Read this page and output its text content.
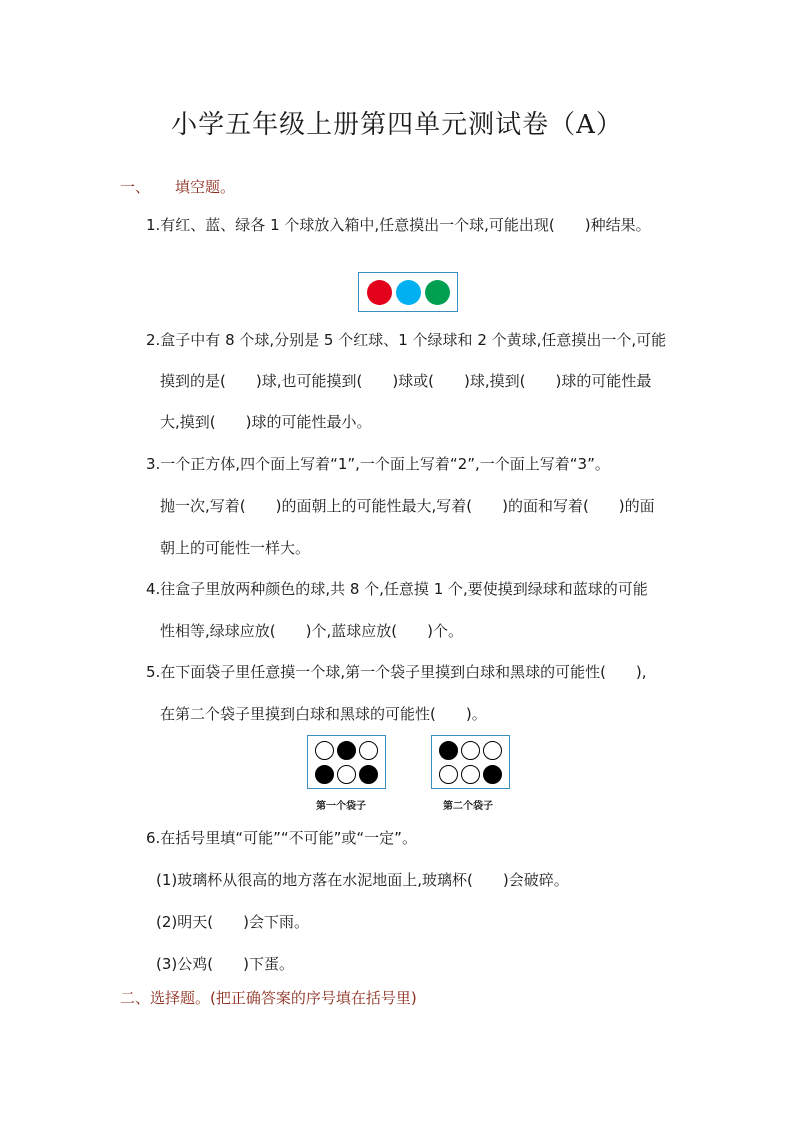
小学五年级上册第四单元测试卷（A）
一、 填空题。
1.有红、蓝、绿各 1 个球放入箱中,任意摸出一个球,可能出现(　　)种结果。
2.盒子中有 8 个球,分别是 5 个红球、1 个绿球和 2 个黄球,任意摸出一个,可能
摸到的是(　　)球,也可能摸到(　　)球或(　　)球,摸到(　　)球的可能性最
大,摸到(　　)球的可能性最小。
3.一个正方体,四个面上写着“1”,一个面上写着“2”,一个面上写着“3”。
抛一次,写着(　　)的面朝上的可能性最大,写着(　　)的面和写着(　　)的面
朝上的可能性一样大。
4.往盒子里放两种颜色的球,共 8 个,任意摸 1 个,要使摸到绿球和蓝球的可能
性相等,绿球应放(　　)个,蓝球应放(　　)个。
5.在下面袋子里任意摸一个球,第一个袋子里摸到白球和黑球的可能性(　　),
在第二个袋子里摸到白球和黑球的可能性(　　)。
第一个袋子	第二个袋子
6.在括号里填“可能”“不可能”或“一定”。
(1)玻璃杯从很高的地方落在水泥地面上,玻璃杯(　　)会破碎。
(2)明天(　　)会下雨。
(3)公鸡(　　)下蛋。
二、选择题。(把正确答案的序号填在括号里)
